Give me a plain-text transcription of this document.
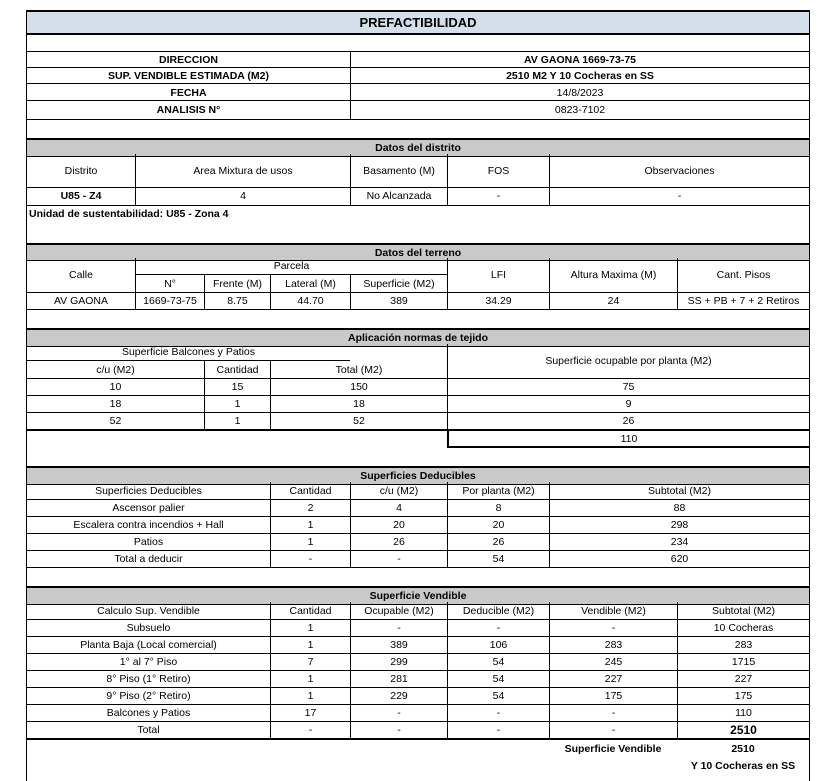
PREFACTIBILIDAD
DIRECCION	AV GAONA 1669-73-75
SUP. VENDIBLE ESTIMADA (M2)	2510 M2 Y 10 Cocheras en SS
FECHA	14/8/2023
ANALISIS N°	0823-7102
Datos del distrito
Distrito	Area Mixtura de usos	Basamento (M)	FOS	Observaciones
U85 - Z4	4	No Alcanzada	-	-
Unidad de sustentabilidad: U85 - Zona 4
Datos del terreno
Calle
Parcela
N°	Frente (M)	Lateral (M)	Superficie (M2)
LFI	Altura Maxima (M)	Cant. Pisos
AV GAONA	1669-73-75	8.75	44.70	389	34.29	24	SS + PB + 7 + 2 Retiros
Aplicación normas de tejido
Superficie Balcones y Patios
c/u (M2)	Cantidad	Total (M2)
Superficie ocupable por planta (M2)
10	15	150	75
18	1	18	9
52	1	52	26
110
Superficies Deducibles
Superficies Deducibles	Cantidad	c/u (M2)	Por planta (M2)	Subtotal (M2)
Ascensor palier	2	4	8	88
Escalera contra incendios + Hall	1	20	20	298
Patios	1	26	26	234
Total a deducir	-	-	54	620
Superficie Vendible
Calculo Sup. Vendible	Cantidad	Ocupable (M2)	Deducible (M2)	Vendible (M2)	Subtotal (M2)
Subsuelo	1	-	-	-	10 Cocheras
Planta Baja (Local comercial)	1	389	106	283	283
1° al 7° Piso	7	299	54	245	1715
8° Piso (1° Retiro)	1	281	54	227	227
9° Piso (2° Retiro)	1	229	54	175	175
Balcones y Patios	17	-	-	-	110
Total	-	-	-	-	2510
Superficie Vendible	2510
Y 10 Cocheras en SS
